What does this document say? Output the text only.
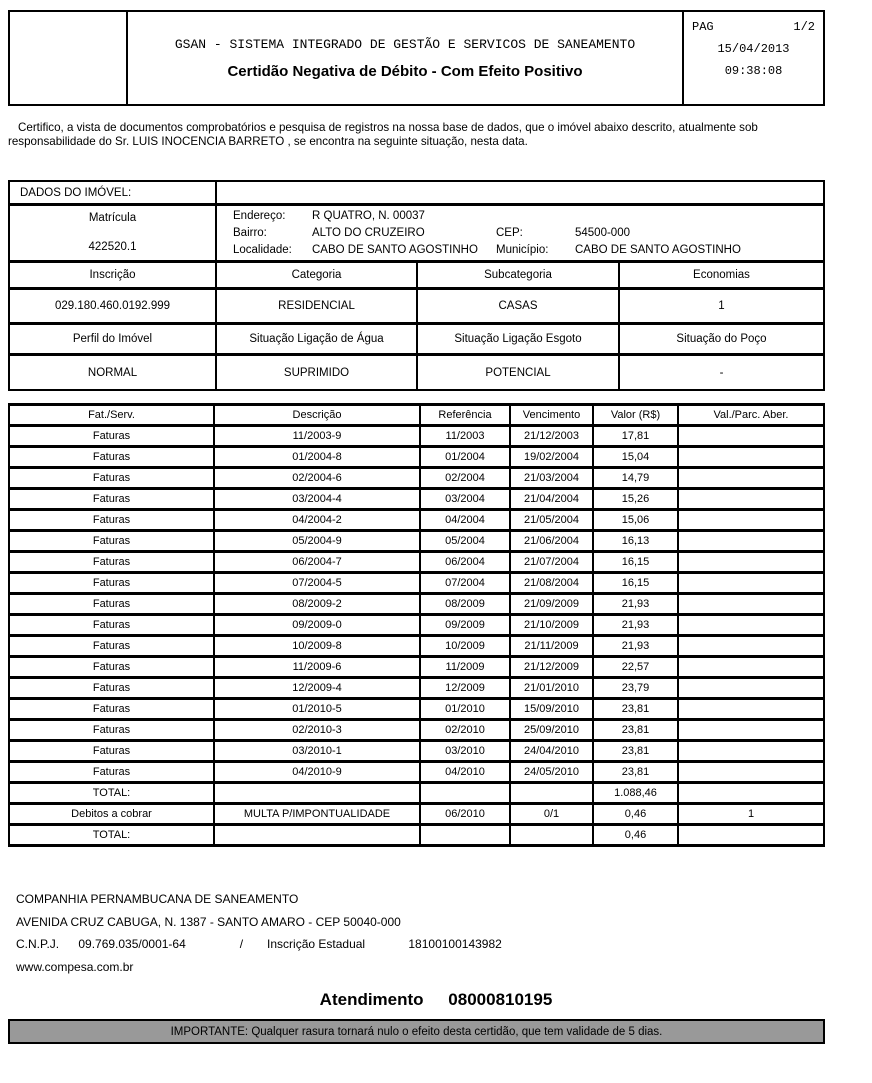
GSAN - SISTEMA INTEGRADO DE GESTÃO E SERVICOS DE SANEAMENTO
Certidão Negativa de Débito - Com Efeito Positivo
PAG	1/2
15/04/2013
09:38:08
Certifico, a vista de documentos comprobatórios e pesquisa de registros na nossa base de dados, que o imóvel abaixo descrito, atualmente sob
responsabilidade do Sr. LUIS INOCENCIA BARRETO , se encontra na seguinte situação, nesta data.
DADOS DO IMÓVEL:
Matrícula
422520.1
Endereço:	R QUATRO, N. 00037
Bairro:	ALTO DO CRUZEIRO	CEP:	54500-000
Localidade:	CABO DE SANTO AGOSTINHO	Município:	CABO DE SANTO AGOSTINHO
Inscrição	Categoria	Subcategoria	Economias
029.180.460.0192.999	RESIDENCIAL	CASAS	1
Perfil do Imóvel	Situação Ligação de Água	Situação Ligação Esgoto	Situação do Poço
NORMAL	SUPRIMIDO	POTENCIAL	-
Fat./Serv.	Descrição	Referência	Vencimento	Valor (R$)	Val./Parc. Aber.
Faturas	11/2003-9	11/2003	21/12/2003	17,81	
Faturas	01/2004-8	01/2004	19/02/2004	15,04	
Faturas	02/2004-6	02/2004	21/03/2004	14,79	
Faturas	03/2004-4	03/2004	21/04/2004	15,26	
Faturas	04/2004-2	04/2004	21/05/2004	15,06	
Faturas	05/2004-9	05/2004	21/06/2004	16,13	
Faturas	06/2004-7	06/2004	21/07/2004	16,15	
Faturas	07/2004-5	07/2004	21/08/2004	16,15	
Faturas	08/2009-2	08/2009	21/09/2009	21,93	
Faturas	09/2009-0	09/2009	21/10/2009	21,93	
Faturas	10/2009-8	10/2009	21/11/2009	21,93	
Faturas	11/2009-6	11/2009	21/12/2009	22,57	
Faturas	12/2009-4	12/2009	21/01/2010	23,79	
Faturas	01/2010-5	01/2010	15/09/2010	23,81	
Faturas	02/2010-3	02/2010	25/09/2010	23,81	
Faturas	03/2010-1	03/2010	24/04/2010	23,81	
Faturas	04/2010-9	04/2010	24/05/2010	23,81	
TOTAL:				1.088,46	
Debitos a cobrar	MULTA P/IMPONTUALIDADE	06/2010	0/1	0,46	1
TOTAL:				0,46	
COMPANHIA PERNAMBUCANA DE SANEAMENTO
AVENIDA CRUZ CABUGA, N. 1387 - SANTO AMARO - CEP 50040-000
C.N.P.J. 09.769.035/0001-64	/ Inscrição Estadual	18100100143982
www.compesa.com.br
Atendimento 08000810195
IMPORTANTE: Qualquer rasura tornará nulo o efeito desta certidão, que tem validade de 5 dias.
